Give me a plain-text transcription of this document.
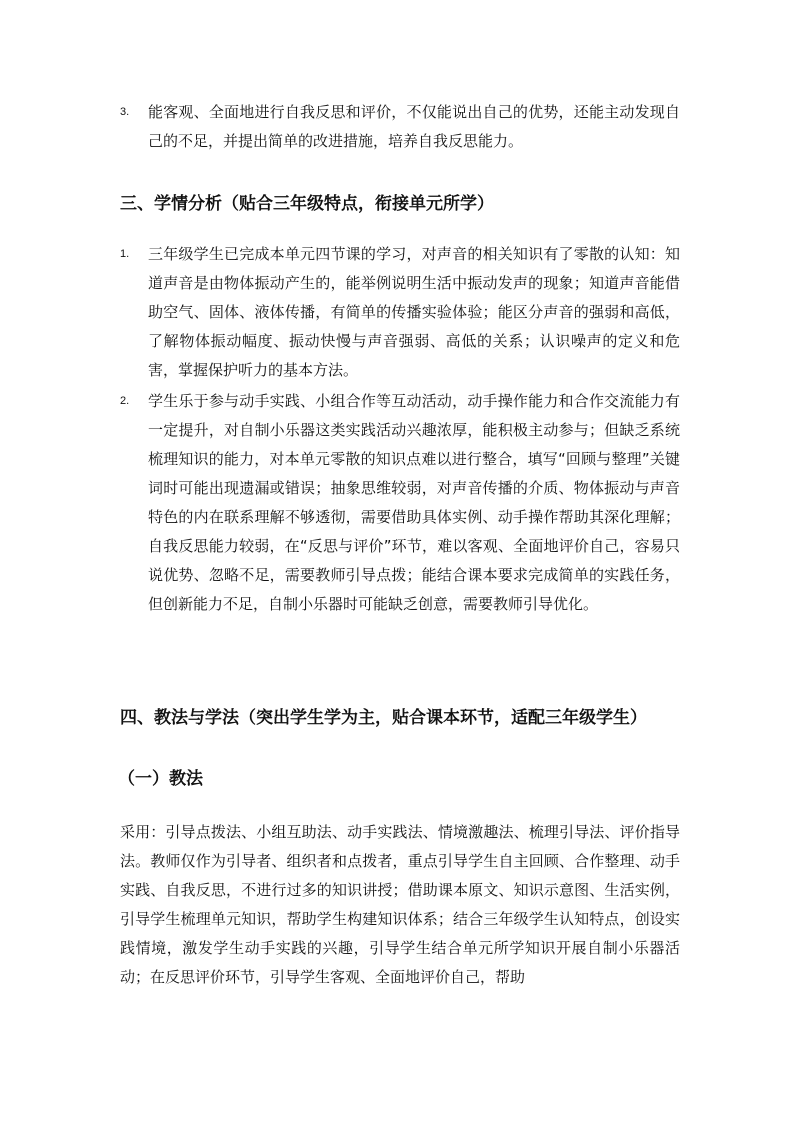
3. 能客观、全面地进行自我反思和评价，不仅能说出自己的优势，还能主动发现自己的不足，并提出简单的改进措施，培养自我反思能力。

三、学情分析（贴合三年级特点，衔接单元所学）

1. 三年级学生已完成本单元四节课的学习，对声音的相关知识有了零散的认知：知道声音是由物体振动产生的，能举例说明生活中振动发声的现象；知道声音能借助空气、固体、液体传播，有简单的传播实验体验；能区分声音的强弱和高低，了解物体振动幅度、振动快慢与声音强弱、高低的关系；认识噪声的定义和危害，掌握保护听力的基本方法。

2. 学生乐于参与动手实践、小组合作等互动活动，动手操作能力和合作交流能力有一定提升，对自制小乐器这类实践活动兴趣浓厚，能积极主动参与；但缺乏系统梳理知识的能力，对本单元零散的知识点难以进行整合，填写“回顾与整理”关键词时可能出现遗漏或错误；抽象思维较弱，对声音传播的介质、物体振动与声音特色的内在联系理解不够透彻，需要借助具体实例、动手操作帮助其深化理解；自我反思能力较弱，在“反思与评价”环节，难以客观、全面地评价自己，容易只说优势、忽略不足，需要教师引导点拨；能结合课本要求完成简单的实践任务，但创新能力不足，自制小乐器时可能缺乏创意，需要教师引导优化。

四、教法与学法（突出学生学为主，贴合课本环节，适配三年级学生）
（一）教法

采用：引导点拨法、小组互助法、动手实践法、情境激趣法、梳理引导法、评价指导法。教师仅作为引导者、组织者和点拨者，重点引导学生自主回顾、合作整理、动手实践、自我反思，不进行过多的知识讲授；借助课本原文、知识示意图、生活实例，引导学生梳理单元知识，帮助学生构建知识体系；结合三年级学生认知特点，创设实践情境，激发学生动手实践的兴趣，引导学生结合单元所学知识开展自制小乐器活动；在反思评价环节，引导学生客观、全面地评价自己，帮助
